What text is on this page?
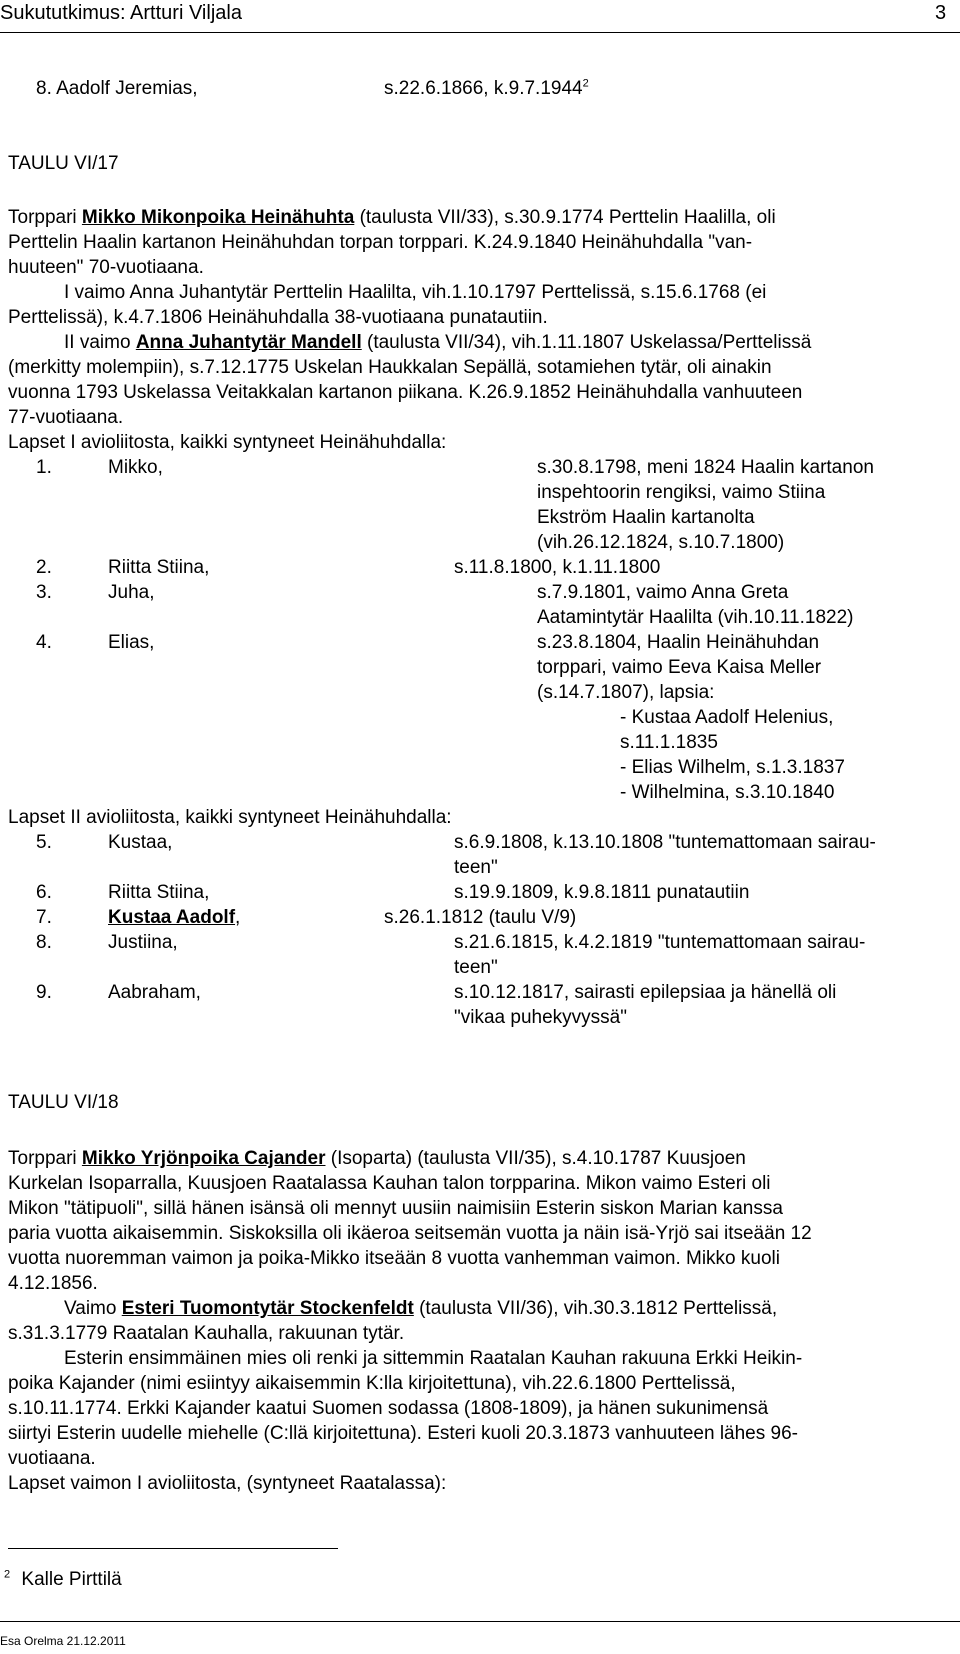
Sukututkimus: Artturi Viljala	3
8. Aadolf Jeremias,	s.22.6.1866, k.9.7.1944$^2$
TAULU VI/17
Torppari Mikko Mikonpoika Heinähuhta (taulusta VII/33), s.30.9.1774 Perttelin Haalilla, oli
Perttelin Haalin kartanon Heinähuhdan torpan torppari. K.24.9.1840 Heinähuhdalla "van-
huuteen" 70-vuotiaana.
I vaimo Anna Juhantytär Perttelin Haalilta, vih.1.10.1797 Perttelissä, s.15.6.1768 (ei
Perttelissä), k.4.7.1806 Heinähuhdalla 38-vuotiaana punatautiin.
II vaimo Anna Juhantytär Mandell (taulusta VII/34), vih.1.11.1807 Uskelassa/Perttelissä
(merkitty molempiin), s.7.12.1775 Uskelan Haukkalan Sepällä, sotamiehen tytär, oli ainakin
vuonna 1793 Uskelassa Veitakkalan kartanon piikana. K.26.9.1852 Heinähuhdalla vanhuuteen
77-vuotiaana.
Lapset I avioliitosta, kaikki syntyneet Heinähuhdalla:
1.	Mikko,	s.30.8.1798, meni 1824 Haalin kartanon
inspehtoorin rengiksi, vaimo Stiina
Ekström Haalin kartanolta
(vih.26.12.1824, s.10.7.1800)
2.	Riitta Stiina,	s.11.8.1800, k.1.11.1800
3.	Juha,	s.7.9.1801, vaimo Anna Greta
Aatamintytär Haalilta (vih.10.11.1822)
4.	Elias,	s.23.8.1804, Haalin Heinähuhdan
torppari, vaimo Eeva Kaisa Meller
(s.14.7.1807), lapsia:
- Kustaa Aadolf Helenius,
s.11.1.1835
- Elias Wilhelm, s.1.3.1837
- Wilhelmina, s.3.10.1840
Lapset II avioliitosta, kaikki syntyneet Heinähuhdalla:
5.	Kustaa,	s.6.9.1808, k.13.10.1808 "tuntemattomaan sairau-
teen"
6.	Riitta Stiina,	s.19.9.1809, k.9.8.1811 punatautiin
7.	Kustaa Aadolf,	s.26.1.1812 (taulu V/9)
8.	Justiina,	s.21.6.1815, k.4.2.1819 "tuntemattomaan sairau-
teen"
9.	Aabraham,	s.10.12.1817, sairasti epilepsiaa ja hänellä oli
"vikaa puhekyvyssä"
TAULU VI/18
Torppari Mikko Yrjönpoika Cajander (Isoparta) (taulusta VII/35), s.4.10.1787 Kuusjoen
Kurkelan Isoparralla, Kuusjoen Raatalassa Kauhan talon torpparina. Mikon vaimo Esteri oli
Mikon "tätipuoli", sillä hänen isänsä oli mennyt uusiin naimisiin Esterin siskon Marian kanssa
paria vuotta aikaisemmin. Siskoksilla oli ikäeroa seitsemän vuotta ja näin isä-Yrjö sai itseään 12
vuotta nuoremman vaimon ja poika-Mikko itseään 8 vuotta vanhemman vaimon. Mikko kuoli
4.12.1856.
Vaimo Esteri Tuomontytär Stockenfeldt (taulusta VII/36), vih.30.3.1812 Perttelissä,
s.31.3.1779 Raatalan Kauhalla, rakuunan tytär.
Esterin ensimmäinen mies oli renki ja sittemmin Raatalan Kauhan rakuuna Erkki Heikin-
poika Kajander (nimi esiintyy aikaisemmin K:lla kirjoitettuna), vih.22.6.1800 Perttelissä,
s.10.11.1774. Erkki Kajander kaatui Suomen sodassa (1808-1809), ja hänen sukunimensä
siirtyi Esterin uudelle miehelle (C:llä kirjoitettuna). Esteri kuoli 20.3.1873 vanhuuteen lähes 96-
vuotiaana.
Lapset vaimon I avioliitosta, (syntyneet Raatalassa):
$^2$ Kalle Pirttilä
Esa Orelma 21.12.2011
